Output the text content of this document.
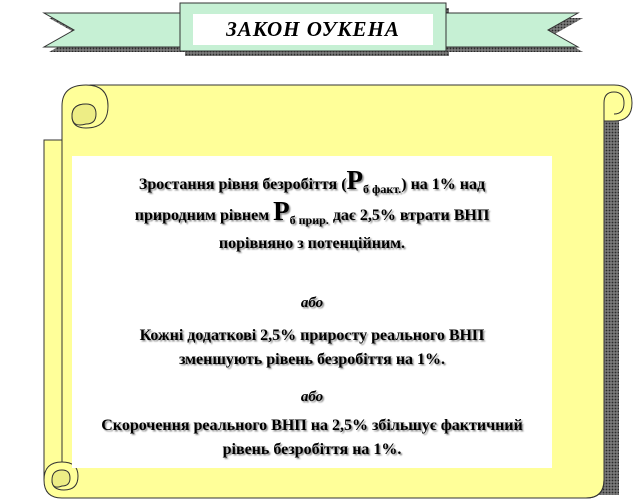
ЗАКОН ОУКЕНА

Зростання рівня безробіття $(Р_{б факт.})$ на 1% над
природним рівнем $Р_{б прир.}$ дає 2,5% втрати ВНП
порівняно з потенційним.

або

Кожні додаткові 2,5% приросту реального ВНП
зменшують рівень безробіття на 1%.

або

Скорочення реального ВНП на 2,5% збільшує фактичний
рівень безробіття на 1%.
